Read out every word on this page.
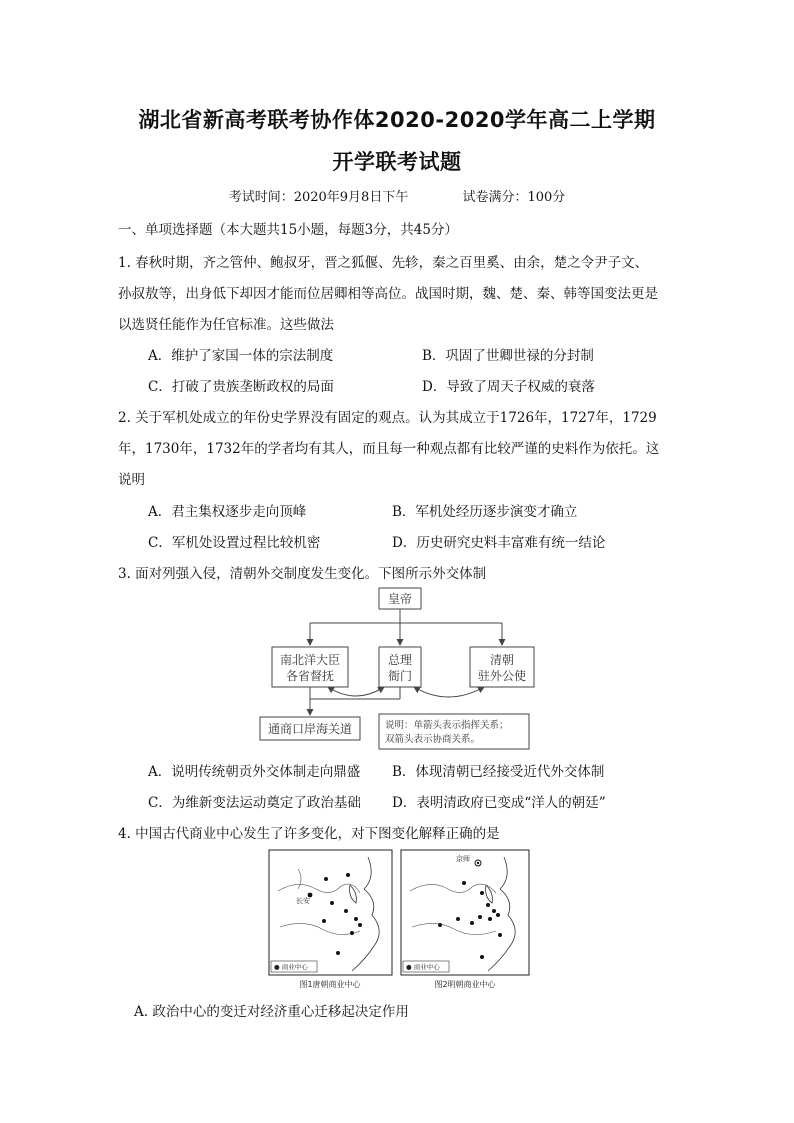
湖北省新高考联考协作体2020-2020学年高二上学期
开学联考试题
考试时间：2020年9月8日下午	试卷满分：100分
一、单项选择题（本大题共15小题，每题3分，共45分）
1. 春秋时期，齐之管仲、鲍叔牙，晋之狐偃、先轸，秦之百里奚、由余，楚之令尹子文、
孙叔敖等，出身低下却因才能而位居卿相等高位。战国时期，魏、楚、秦、韩等国变法更是
以选贤任能作为任官标准。这些做法
A．维护了家国一体的宗法制度	B．巩固了世卿世禄的分封制
C．打破了贵族垄断政权的局面	D．导致了周天子权威的衰落
2. 关于军机处成立的年份史学界没有固定的观点。认为其成立于1726年，1727年，1729
年，1730年，1732年的学者均有其人，而且每一种观点都有比较严谨的史料作为依托。这
说明
A．君主集权逐步走向顶峰	B．军机处经历逐步演变才确立
C．军机处设置过程比较机密	D．历史研究史料丰富难有统一结论
3. 面对列强入侵，清朝外交制度发生变化。下图所示外交体制
皇帝
南北洋大臣
各省督抚
总理
衙门
清朝
驻外公使
通商口岸海关道	说明：单箭头表示指挥关系；
双箭头表示协商关系。
A．说明传统朝贡外交体制走向鼎盛 B．体现清朝已经接受近代外交体制
C．为维新变法运动奠定了政治基础 D．表明清政府已变成“洋人的朝廷”
4. 中国古代商业中心发生了许多变化，对下图变化解释正确的是
长安
● 商业中心
图1唐朝商业中心
京师
● 商业中心
图2明朝商业中心
A. 政治中心的变迁对经济重心迁移起决定作用
